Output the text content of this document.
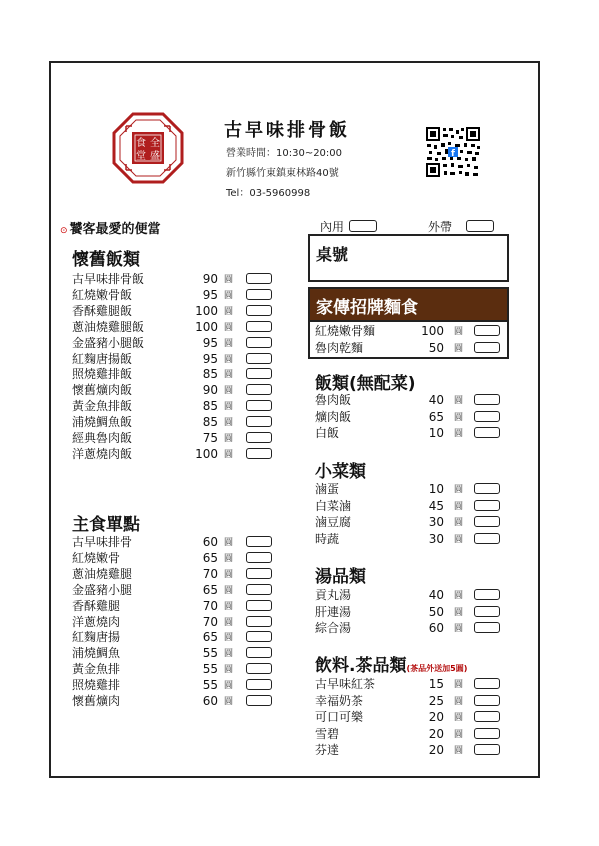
食 全
堂 盛
古早味排骨飯
營業時間：10:30~20:00
新竹縣竹東鎮東林路40號
Tel：03-5960998
f
⊙ 饕客最愛的便當	內用	外帶
桌號
家傳招牌麵食
懷舊飯類
主食單點
飯類(無配菜)
小菜類
湯品類
飲料.茶品類(茶品外送加5圓)
古早味排骨飯	90 圓
紅燒嫩骨飯	95 圓
香酥雞腿飯	100 圓
蔥油燒雞腿飯	100 圓
金盛豬小腿飯	95 圓
紅麴唐揚飯	95 圓
照燒雞排飯	85 圓
懷舊爌肉飯	90 圓
黃金魚排飯	85 圓
浦燒鯛魚飯	85 圓
經典魯肉飯	75 圓
洋蔥燒肉飯	100 圓
古早味排骨	60 圓
紅燒嫩骨	65 圓
蔥油燒雞腿	70 圓
金盛豬小腿	65 圓
香酥雞腿	70 圓
洋蔥燒肉	70 圓
紅麴唐揚	65 圓
浦燒鯛魚	55 圓
黃金魚排	55 圓
照燒雞排	55 圓
懷舊爌肉	60 圓
紅燒嫩骨麵	100 圓
魯肉乾麵	50 圓
魯肉飯	40 圓
爌肉飯	65 圓
白飯	10 圓
滷蛋	10 圓
白菜滷	45 圓
滷豆腐	30 圓
時蔬	30 圓
貢丸湯	40 圓
肝連湯	50 圓
綜合湯	60 圓
古早味紅茶	15 圓
幸福奶茶	25 圓
可口可樂	20 圓
雪碧	20 圓
芬達	20 圓
